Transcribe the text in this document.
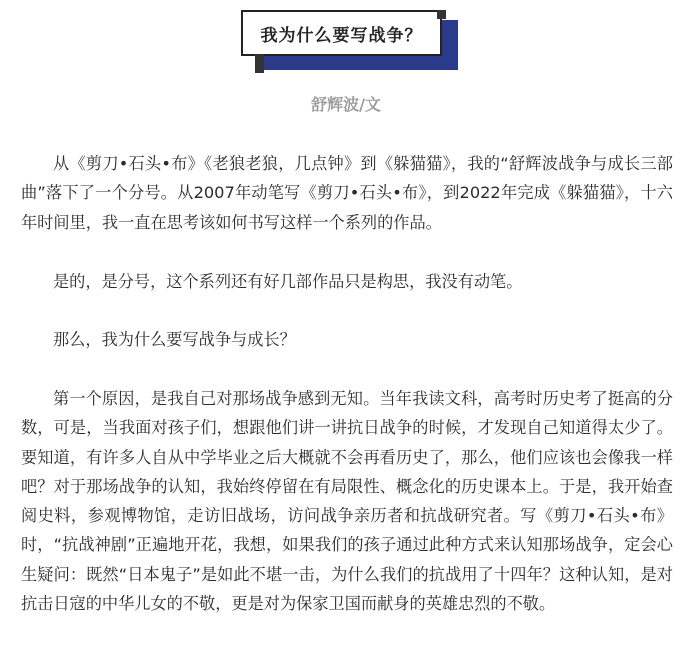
我为什么要写战争？
舒辉波/文

从《剪刀•石头•布》《老狼老狼，几点钟》到《躲猫猫》，我的“舒辉波战争与成长三部曲”落下了一个分号。从2007年动笔写《剪刀•石头•布》，到2022年完成《躲猫猫》，十六年时间里，我一直在思考该如何书写这样一个系列的作品。

是的，是分号，这个系列还有好几部作品只是构思，我没有动笔。

那么，我为什么要写战争与成长？

第一个原因，是我自己对那场战争感到无知。当年我读文科，高考时历史考了挺高的分数，可是，当我面对孩子们，想跟他们讲一讲抗日战争的时候，才发现自己知道得太少了。要知道，有许多人自从中学毕业之后大概就不会再看历史了，那么，他们应该也会像我一样吧？对于那场战争的认知，我始终停留在有局限性、概念化的历史课本上。于是，我开始查阅史料，参观博物馆，走访旧战场，访问战争亲历者和抗战研究者。写《剪刀•石头•布》时，“抗战神剧”正遍地开花，我想，如果我们的孩子通过此种方式来认知那场战争，定会心生疑问：既然“日本鬼子”是如此不堪一击，为什么我们的抗战用了十四年？这种认知，是对抗击日寇的中华儿女的不敬，更是对为保家卫国而献身的英雄忠烈的不敬。
